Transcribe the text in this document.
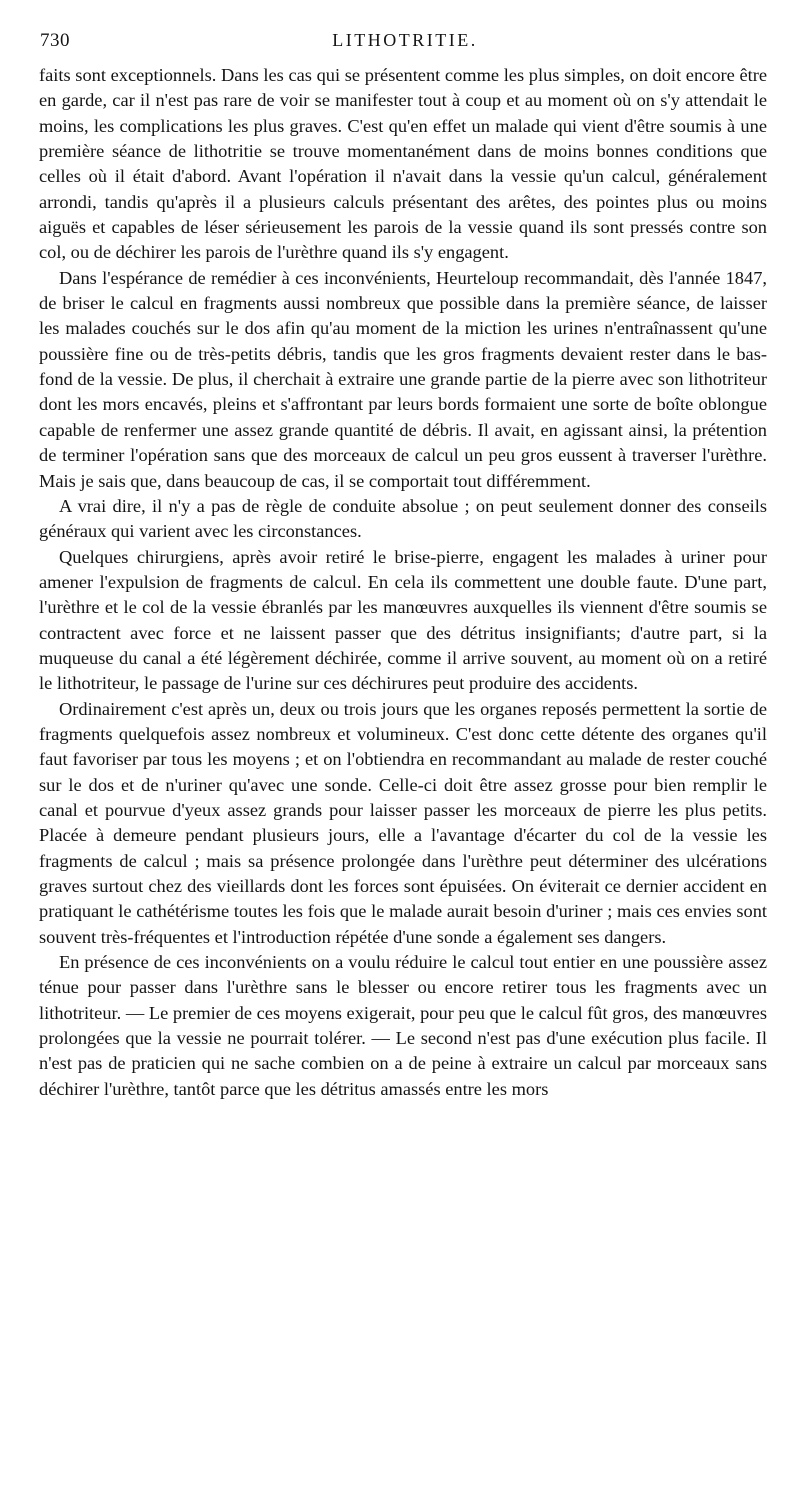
730	LITHOTRITIE.

faits sont exceptionnels. Dans les cas qui se présentent comme les plus simples, on doit encore être en garde, car il n'est pas rare de voir se manifester tout à coup et au moment où on s'y attendait le moins, les complications les plus graves. C'est qu'en effet un malade qui vient d'être soumis à une première séance de lithotritie se trouve momentanément dans de moins bonnes conditions que celles où il était d'abord. Avant l'opération il n'avait dans la vessie qu'un calcul, généralement arrondi, tandis qu'après il a plusieurs calculs présentant des arêtes, des pointes plus ou moins aiguës et capables de léser sérieusement les parois de la vessie quand ils sont pressés contre son col, ou de déchirer les parois de l'urèthre quand ils s'y engagent.

Dans l'espérance de remédier à ces inconvénients, Heurteloup recommandait, dès l'année 1847, de briser le calcul en fragments aussi nombreux que possible dans la première séance, de laisser les malades couchés sur le dos afin qu'au moment de la miction les urines n'entraînassent qu'une poussière fine ou de très-petits débris, tandis que les gros fragments devaient rester dans le bas-fond de la vessie. De plus, il cherchait à extraire une grande partie de la pierre avec son lithotriteur dont les mors encavés, pleins et s'affrontant par leurs bords formaient une sorte de boîte oblongue capable de renfermer une assez grande quantité de débris. Il avait, en agissant ainsi, la prétention de terminer l'opération sans que des morceaux de calcul un peu gros eussent à traverser l'urèthre. Mais je sais que, dans beaucoup de cas, il se comportait tout différemment.

A vrai dire, il n'y a pas de règle de conduite absolue ; on peut seulement donner des conseils généraux qui varient avec les circonstances.

Quelques chirurgiens, après avoir retiré le brise-pierre, engagent les malades à uriner pour amener l'expulsion de fragments de calcul. En cela ils commettent une double faute. D'une part, l'urèthre et le col de la vessie ébranlés par les manœuvres auxquelles ils viennent d'être soumis se contractent avec force et ne laissent passer que des détritus insignifiants; d'autre part, si la muqueuse du canal a été légèrement déchirée, comme il arrive souvent, au moment où on a retiré le lithotriteur, le passage de l'urine sur ces déchirures peut produire des accidents.

Ordinairement c'est après un, deux ou trois jours que les organes reposés permettent la sortie de fragments quelquefois assez nombreux et volumineux. C'est donc cette détente des organes qu'il faut favoriser par tous les moyens ; et on l'obtiendra en recommandant au malade de rester couché sur le dos et de n'uriner qu'avec une sonde. Celle-ci doit être assez grosse pour bien remplir le canal et pourvue d'yeux assez grands pour laisser passer les morceaux de pierre les plus petits. Placée à demeure pendant plusieurs jours, elle a l'avantage d'écarter du col de la vessie les fragments de calcul ; mais sa présence prolongée dans l'urèthre peut déterminer des ulcérations graves surtout chez des vieillards dont les forces sont épuisées. On éviterait ce dernier accident en pratiquant le cathétérisme toutes les fois que le malade aurait besoin d'uriner ; mais ces envies sont souvent très-fréquentes et l'introduction répétée d'une sonde a également ses dangers.

En présence de ces inconvénients on a voulu réduire le calcul tout entier en une poussière assez ténue pour passer dans l'urèthre sans le blesser ou encore retirer tous les fragments avec un lithotriteur. — Le premier de ces moyens exigerait, pour peu que le calcul fût gros, des manœuvres prolongées que la vessie ne pourrait tolérer. — Le second n'est pas d'une exécution plus facile. Il n'est pas de praticien qui ne sache combien on a de peine à extraire un calcul par morceaux sans déchirer l'urèthre, tantôt parce que les détritus amassés entre les mors
